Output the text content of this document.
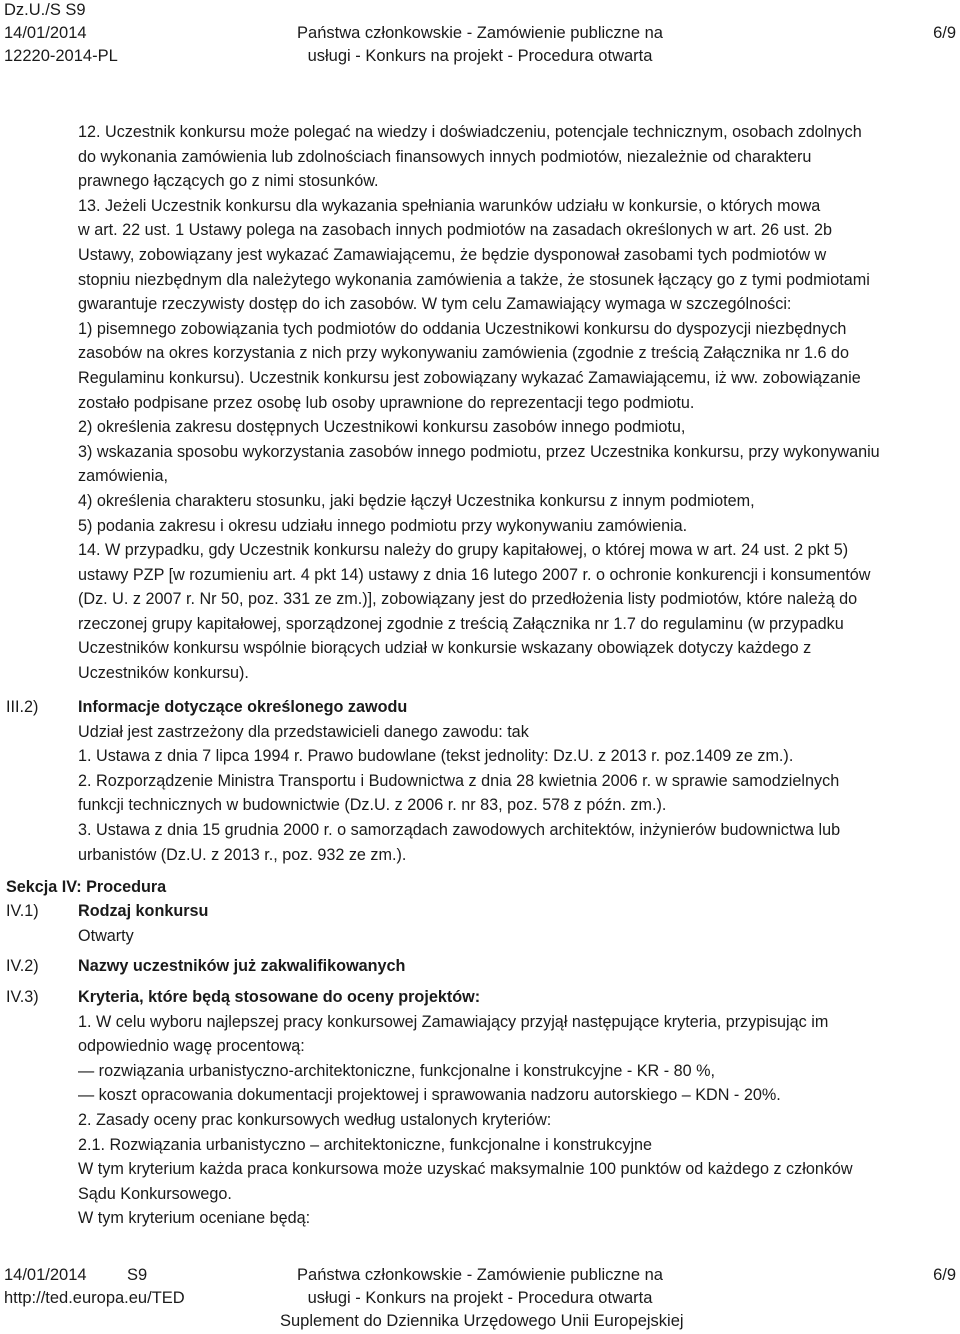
Dz.U./S S9
14/01/2014
12220-2014-PL
Państwa członkowskie - Zamówienie publiczne na
usługi - Konkurs na projekt - Procedura otwarta
6/9
12. Uczestnik konkursu może polegać na wiedzy i doświadczeniu, potencjale technicznym, osobach zdolnych
do wykonania zamówienia lub zdolnościach finansowych innych podmiotów, niezależnie od charakteru
prawnego łączących go z nimi stosunków.
13. Jeżeli Uczestnik konkursu dla wykazania spełniania warunków udziału w konkursie, o których mowa
w art. 22 ust. 1 Ustawy polega na zasobach innych podmiotów na zasadach określonych w art. 26 ust. 2b
Ustawy, zobowiązany jest wykazać Zamawiającemu, że będzie dysponował zasobami tych podmiotów w
stopniu niezbędnym dla należytego wykonania zamówienia a także, że stosunek łączący go z tymi podmiotami
gwarantuje rzeczywisty dostęp do ich zasobów. W tym celu Zamawiający wymaga w szczególności:
1) pisemnego zobowiązania tych podmiotów do oddania Uczestnikowi konkursu do dyspozycji niezbędnych
zasobów na okres korzystania z nich przy wykonywaniu zamówienia (zgodnie z treścią Załącznika nr 1.6 do
Regulaminu konkursu). Uczestnik konkursu jest zobowiązany wykazać Zamawiającemu, iż ww. zobowiązanie
zostało podpisane przez osobę lub osoby uprawnione do reprezentacji tego podmiotu.
2) określenia zakresu dostępnych Uczestnikowi konkursu zasobów innego podmiotu,
3) wskazania sposobu wykorzystania zasobów innego podmiotu, przez Uczestnika konkursu, przy wykonywaniu
zamówienia,
4) określenia charakteru stosunku, jaki będzie łączył Uczestnika konkursu z innym podmiotem,
5) podania zakresu i okresu udziału innego podmiotu przy wykonywaniu zamówienia.
14. W przypadku, gdy Uczestnik konkursu należy do grupy kapitałowej, o której mowa w art. 24 ust. 2 pkt 5)
ustawy PZP [w rozumieniu art. 4 pkt 14) ustawy z dnia 16 lutego 2007 r. o ochronie konkurencji i konsumentów
(Dz. U. z 2007 r. Nr 50, poz. 331 ze zm.)], zobowiązany jest do przedłożenia listy podmiotów, które należą do
rzeczonej grupy kapitałowej, sporządzonej zgodnie z treścią Załącznika nr 1.7 do regulaminu (w przypadku
Uczestników konkursu wspólnie biorących udział w konkursie wskazany obowiązek dotyczy każdego z
Uczestników konkursu).
III.2) Informacje dotyczące określonego zawodu
Udział jest zastrzeżony dla przedstawicieli danego zawodu: tak
1. Ustawa z dnia 7 lipca 1994 r. Prawo budowlane (tekst jednolity: Dz.U. z 2013 r. poz.1409 ze zm.).
2. Rozporządzenie Ministra Transportu i Budownictwa z dnia 28 kwietnia 2006 r. w sprawie samodzielnych
funkcji technicznych w budownictwie (Dz.U. z 2006 r. nr 83, poz. 578 z późn. zm.).
3. Ustawa z dnia 15 grudnia 2000 r. o samorządach zawodowych architektów, inżynierów budownictwa lub
urbanistów (Dz.U. z 2013 r., poz. 932 ze zm.).
Sekcja IV: Procedura
IV.1) Rodzaj konkursu
Otwarty
IV.2) Nazwy uczestników już zakwalifikowanych
IV.3) Kryteria, które będą stosowane do oceny projektów:
1. W celu wyboru najlepszej pracy konkursowej Zamawiający przyjął następujące kryteria, przypisując im
odpowiednio wagę procentową:
— rozwiązania urbanistyczno-architektoniczne, funkcjonalne i konstrukcyjne - KR - 80 %,
— koszt opracowania dokumentacji projektowej i sprawowania nadzoru autorskiego – KDN - 20%.
2. Zasady oceny prac konkursowych według ustalonych kryteriów:
2.1. Rozwiązania urbanistyczno – architektoniczne, funkcjonalne i konstrukcyjne
W tym kryterium każda praca konkursowa może uzyskać maksymalnie 100 punktów od każdego z członków
Sądu Konkursowego.
W tym kryterium oceniane będą:
14/01/2014 S9
http://ted.europa.eu/TED
Państwa członkowskie - Zamówienie publiczne na
usługi - Konkurs na projekt - Procedura otwarta
Suplement do Dziennika Urzędowego Unii Europejskiej
6/9
